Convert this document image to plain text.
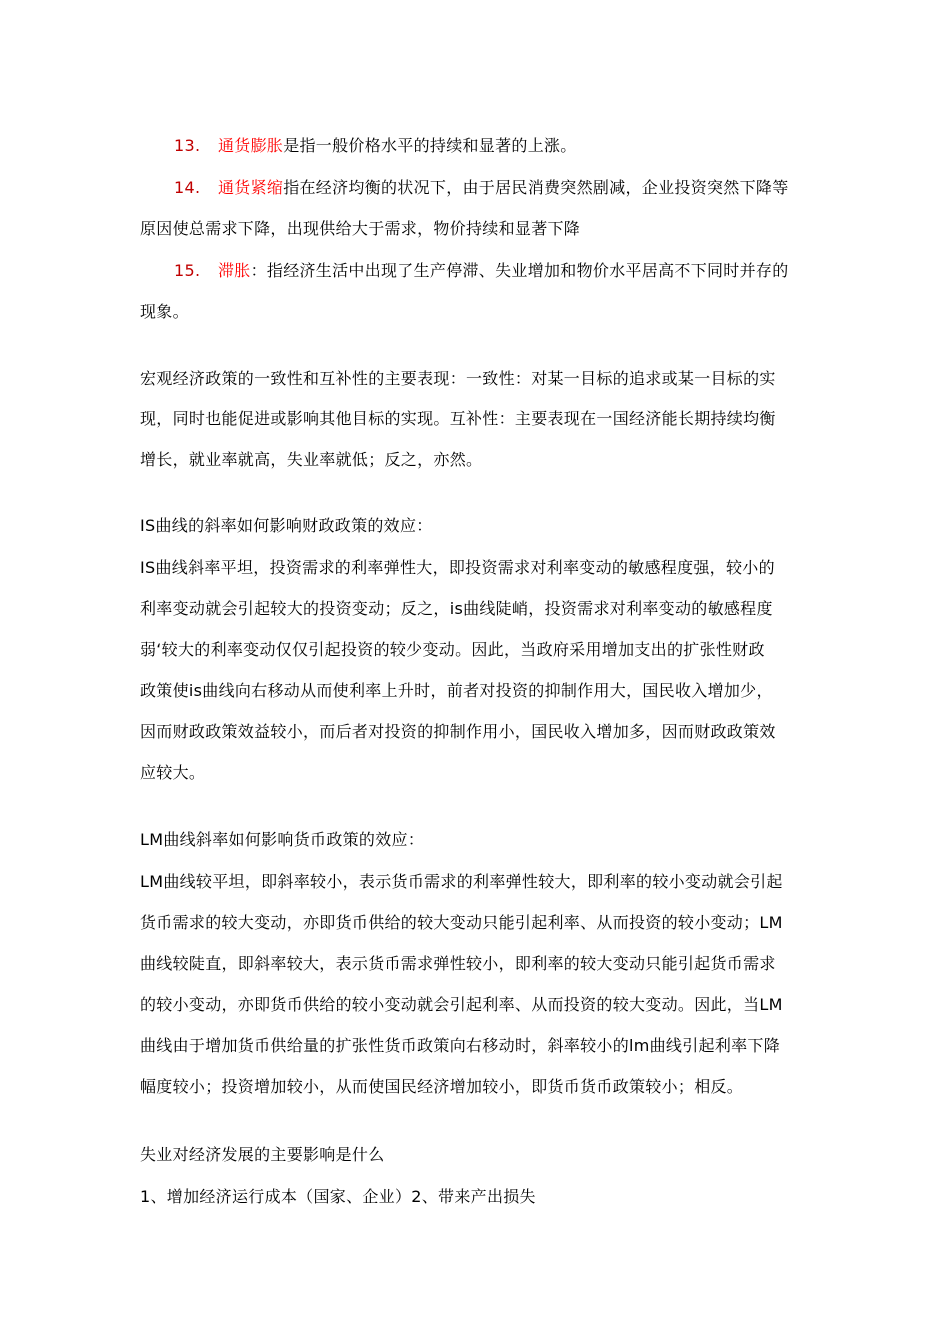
13. 通货膨胀是指一般价格水平的持续和显著的上涨。
14. 通货紧缩指在经济均衡的状况下，由于居民消费突然剧减，企业投资突然下降等
原因使总需求下降，出现供给大于需求，物价持续和显著下降
15. 滞胀：指经济生活中出现了生产停滞、失业增加和物价水平居高不下同时并存的
现象。
宏观经济政策的一致性和互补性的主要表现：一致性：对某一目标的追求或某一目标的实
现，同时也能促进或影响其他目标的实现。互补性：主要表现在一国经济能长期持续均衡
增长，就业率就高，失业率就低；反之，亦然。
IS曲线的斜率如何影响财政政策的效应：
IS曲线斜率平坦，投资需求的利率弹性大，即投资需求对利率变动的敏感程度强，较小的
利率变动就会引起较大的投资变动；反之，is曲线陡峭，投资需求对利率变动的敏感程度
弱‘较大的利率变动仅仅引起投资的较少变动。因此，当政府采用增加支出的扩张性财政
政策使is曲线向右移动从而使利率上升时，前者对投资的抑制作用大，国民收入增加少，
因而财政政策效益较小，而后者对投资的抑制作用小，国民收入增加多，因而财政政策效
应较大。
LM曲线斜率如何影响货币政策的效应：
LM曲线较平坦，即斜率较小，表示货币需求的利率弹性较大，即利率的较小变动就会引起
货币需求的较大变动，亦即货币供给的较大变动只能引起利率、从而投资的较小变动；LM
曲线较陡直，即斜率较大，表示货币需求弹性较小，即利率的较大变动只能引起货币需求
的较小变动，亦即货币供给的较小变动就会引起利率、从而投资的较大变动。因此，当LM
曲线由于增加货币供给量的扩张性货币政策向右移动时，斜率较小的lm曲线引起利率下降
幅度较小；投资增加较小，从而使国民经济增加较小，即货币货币政策较小；相反。
失业对经济发展的主要影响是什么
1、增加经济运行成本（国家、企业）2、带来产出损失
